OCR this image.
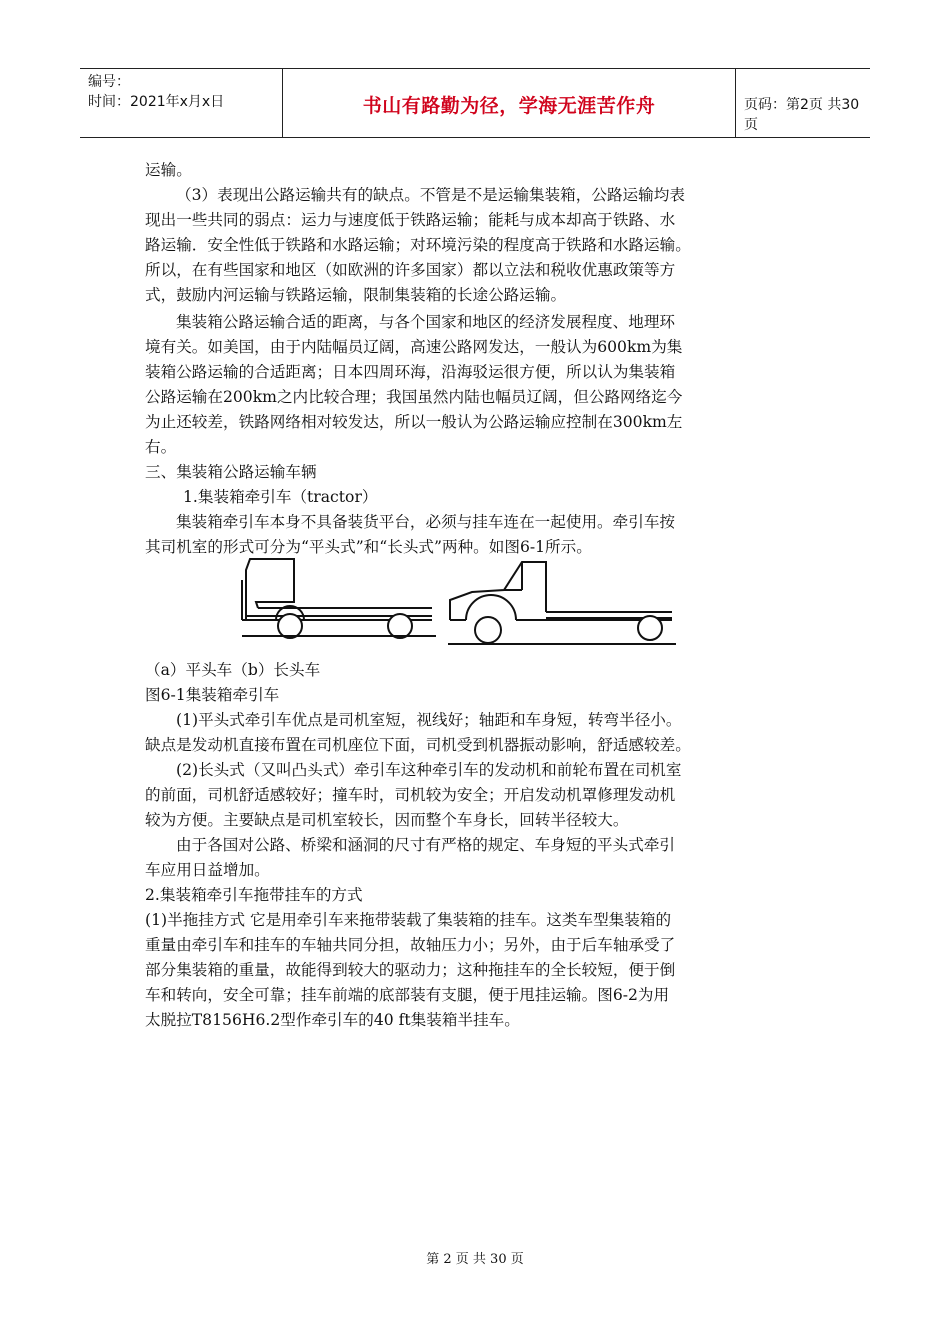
编号：
时间：2021年x月x日	书山有路勤为径，学海无涯苦作舟	页码：第2页 共30页

运输。

（3）表现出公路运输共有的缺点。不管是不是运输集装箱，公路运输均表

现出一些共同的弱点：运力与速度低于铁路运输；能耗与成本却高于铁路、水

路运输．安全性低于铁路和水路运输；对环境污染的程度高于铁路和水路运输。

所以，在有些国家和地区（如欧洲的许多国家）都以立法和税收优惠政策等方

式，鼓励内河运输与铁路运输，限制集装箱的长途公路运输。

集装箱公路运输合适的距离，与各个国家和地区的经济发展程度、地理环

境有关。如美国，由于内陆幅员辽阔，高速公路网发达，一般认为600km为集

装箱公路运输的合适距离；日本四周环海，沿海驳运很方便，所以认为集装箱

公路运输在200km之内比较合理；我国虽然内陆也幅员辽阔，但公路网络迄今

为止还较差，铁路网络相对较发达，所以一般认为公路运输应控制在300km左

右。

三、集装箱公路运输车辆

1.集装箱牵引车（tractor）

集装箱牵引车本身不具备装货平台，必须与挂车连在一起使用。牵引车按

其司机室的形式可分为“平头式”和“长头式”两种。如图6-1所示。

（a）平头车（b）长头车

图6-1集装箱牵引车

(1)平头式牵引车优点是司机室短，视线好；轴距和车身短，转弯半径小。

缺点是发动机直接布置在司机座位下面，司机受到机器振动影响，舒适感较差。

(2)长头式（又叫凸头式）牵引车这种牵引车的发动机和前轮布置在司机室

的前面，司机舒适感较好；撞车时，司机较为安全；开启发动机罩修理发动机

较为方便。主要缺点是司机室较长，因而整个车身长，回转半径较大。

由于各国对公路、桥梁和涵洞的尺寸有严格的规定、车身短的平头式牵引

车应用日益增加。

2.集装箱牵引车拖带挂车的方式

(1)半拖挂方式 它是用牵引车来拖带装载了集装箱的挂车。这类车型集装箱的

重量由牵引车和挂车的车轴共同分担，故轴压力小；另外，由于后车轴承受了

部分集装箱的重量，故能得到较大的驱动力；这种拖挂车的全长较短，便于倒

车和转向，安全可靠；挂车前端的底部装有支腿，便于甩挂运输。图6-2为用

太脱拉T8156H6.2型作牵引车的40 ft集装箱半挂车。

第 2 页 共 30 页
